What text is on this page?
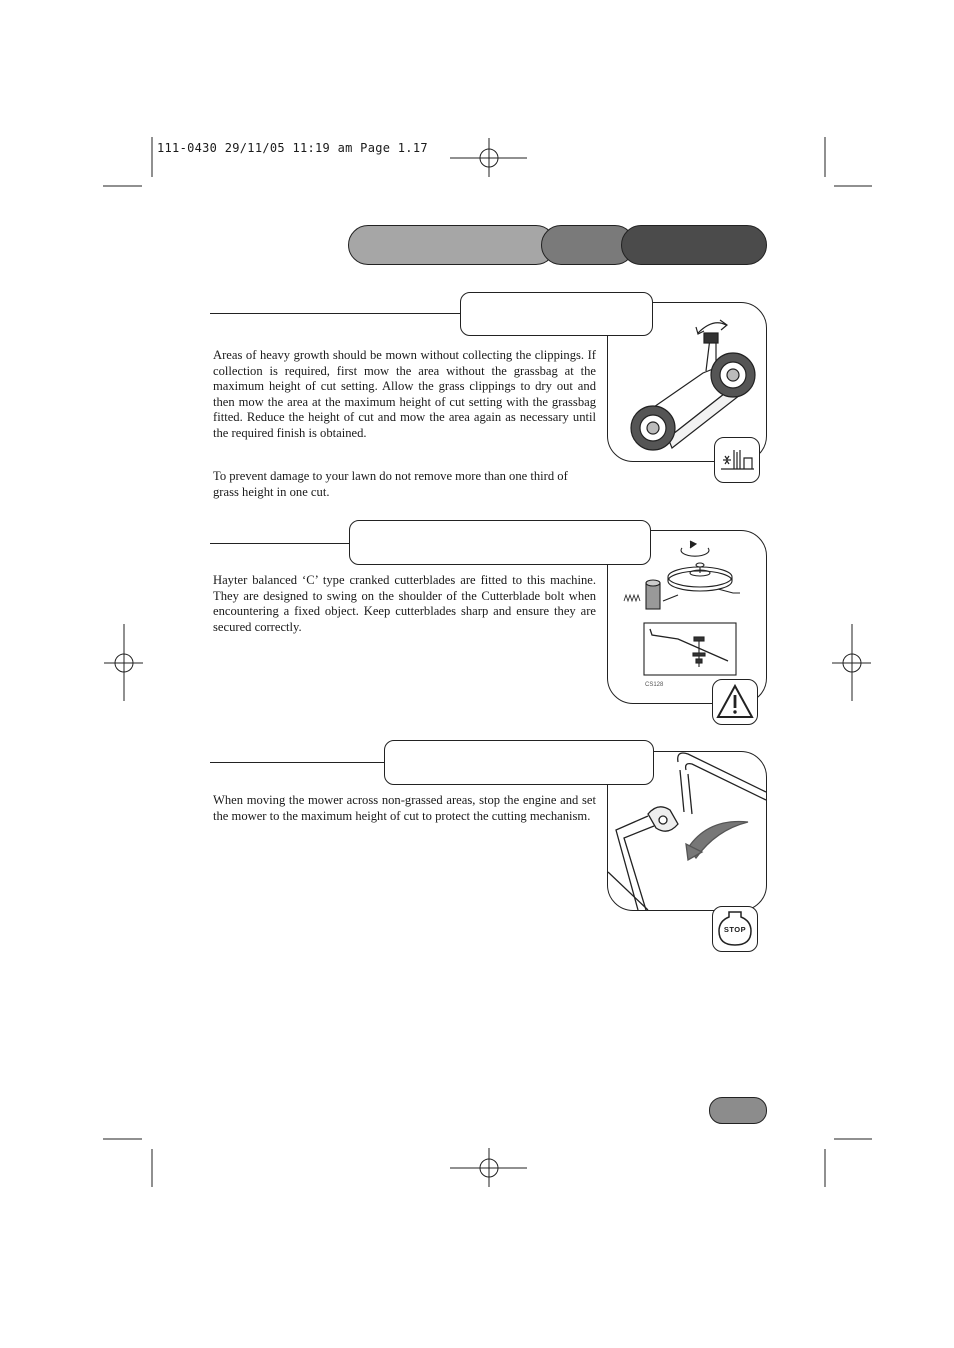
111-0430 29/11/05 11:19 am Page 1.17
Areas of heavy growth should be mown without collecting the clippings. If collection is required, first mow the area without the grassbag at the maximum height of cut setting. Allow the grass clippings to dry out and then mow the area at the maximum height of cut setting with the grassbag fitted. Reduce the height of cut and mow the area again as necessary until the required finish is obtained.
To prevent damage to your lawn do not remove more than one third of grass height in one cut.
CS128
Hayter balanced ‘C’ type cranked cutterblades are fitted to this machine. They are designed to swing on the shoulder of the Cutterblade bolt when encountering a fixed object. Keep cutterblades sharp and ensure they are secured correctly.
STOP
When moving the mower across non-grassed areas, stop the engine and set the mower to the maximum height of cut to protect the cutting mechanism.
